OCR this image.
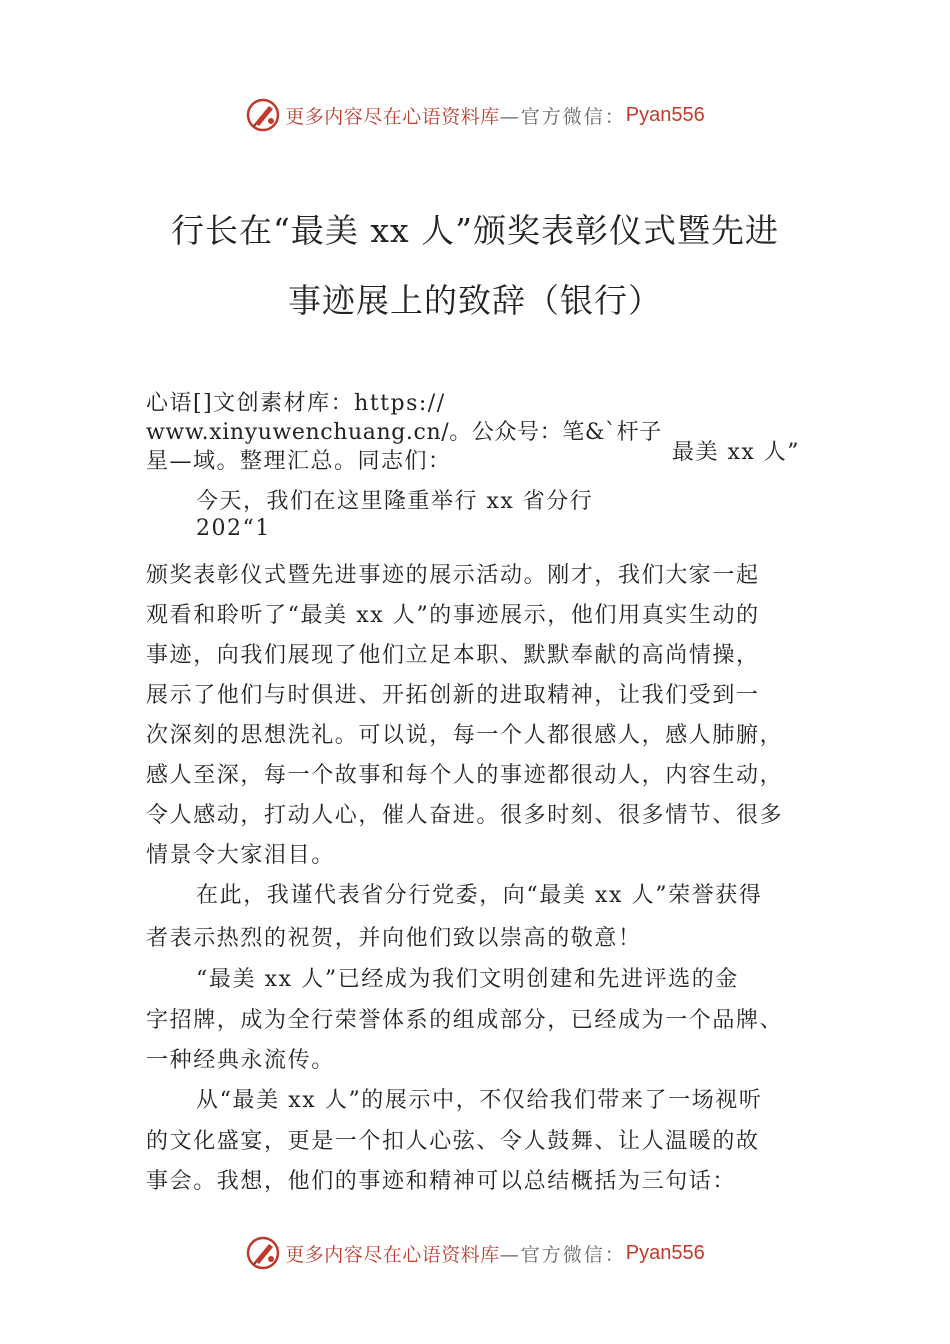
更多内容尽在心语资料库 —官方微信： Pyan556
行长在“最美 xx 人”颁奖表彰仪式暨先进
事迹展上的致辞（银行）
心语[]文创素材库：https://
www.xinyuwenchuang.cn/。公众号：笔&`杆子
星—域。整理汇总。同志们：	最美 xx 人”
今天，我们在这里隆重举行 xx 省分行
202“1
颁奖表彰仪式暨先进事迹的展示活动。刚才，我们大家一起
观看和聆听了“最美 xx 人”的事迹展示，他们用真实生动的
事迹，向我们展现了他们立足本职、默默奉献的高尚情操，
展示了他们与时俱进、开拓创新的进取精神，让我们受到一
次深刻的思想洗礼。可以说，每一个人都很感人，感人肺腑，
感人至深，每一个故事和每个人的事迹都很动人，内容生动，
令人感动，打动人心，催人奋进。很多时刻、很多情节、很多
情景令大家泪目。
在此，我谨代表省分行党委，向“最美 xx 人”荣誉获得
者表示热烈的祝贺，并向他们致以崇高的敬意！
“最美 xx 人”已经成为我们文明创建和先进评选的金
字招牌，成为全行荣誉体系的组成部分，已经成为一个品牌、
一种经典永流传。
从“最美 xx 人”的展示中，不仅给我们带来了一场视听
的文化盛宴，更是一个扣人心弦、令人鼓舞、让人温暖的故
事会。我想，他们的事迹和精神可以总结概括为三句话：
更多内容尽在心语资料库 —官方微信： Pyan556
